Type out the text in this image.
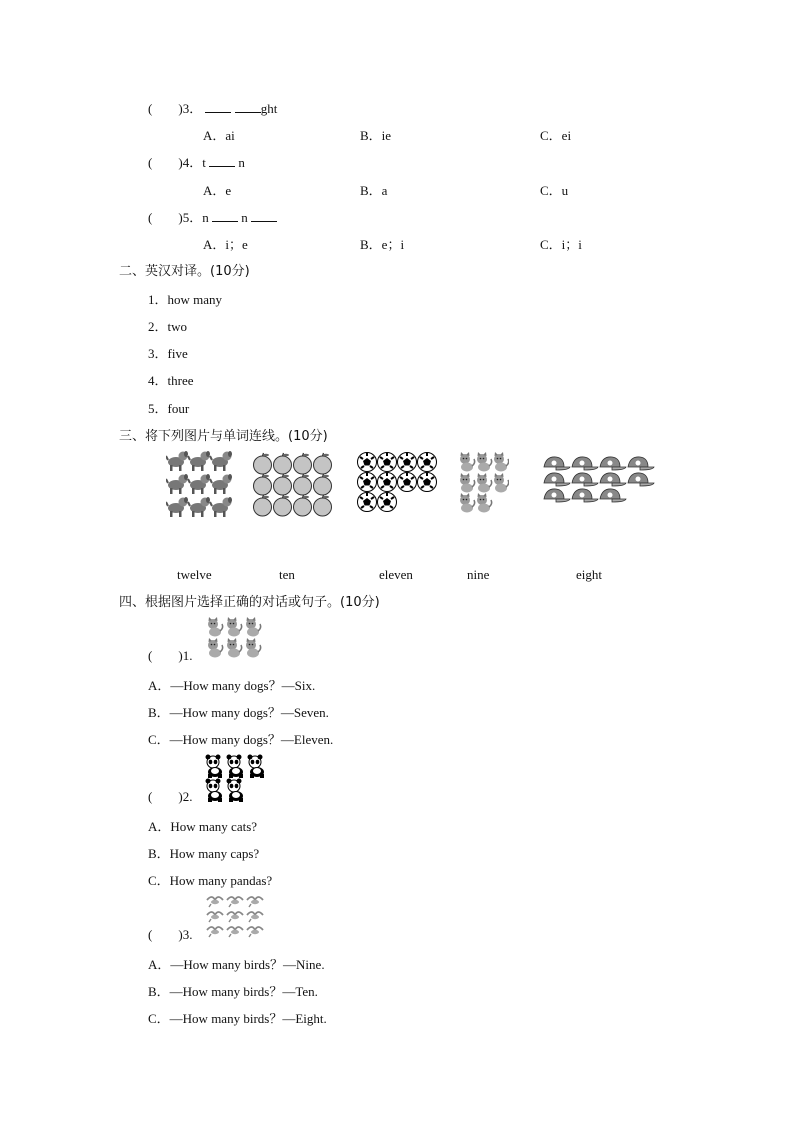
( )3．	ght
A．ai	B．ie	C．ei
( )4．t	n
A．e	B．a	C．u
( )5．n	n
A．i；e	B．e；i	C．i；i
二、英汉对译。(10分)
1．how many
2．two
3．five
4．three
5．four
三、将下列图片与单词连线。(10分)
twelve	ten	eleven	nine	eight
四、根据图片选择正确的对话或句子。(10分)
( )1.
A．—How many dogs？—Six.
B．—How many dogs？—Seven.
C．—How many dogs？—Eleven.
( )2.
A．How many cats?
B．How many caps?
C．How many pandas?
( )3.
A．—How many birds？—Nine.
B．—How many birds？—Ten.
C．—How many birds？—Eight.
